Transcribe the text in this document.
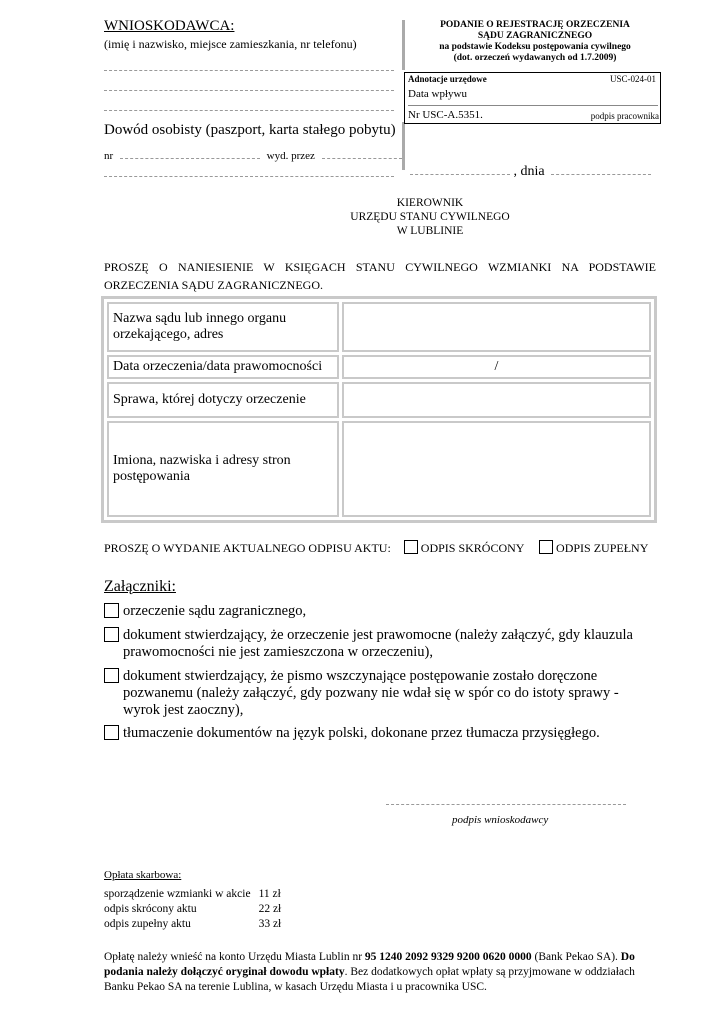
WNIOSKODAWCA:
(imię i nazwisko, miejsce zamieszkania, nr telefonu)
Dowód osobisty (paszport, karta stałego pobytu)
nr	wyd. przez
PODANIE O REJESTRACJĘ ORZECZENIA
SĄDU ZAGRANICZNEGO
na podstawie Kodeksu postępowania cywilnego
(dot. orzeczeń wydawanych od 1.7.2009)
Adnotacje urzędowe	USC-024-01
Data wpływu
Nr USC-A.5351.	podpis pracownika
, dnia
KIEROWNIK
URZĘDU STANU CYWILNEGO
W LUBLINIE
PROSZĘ O NANIESIENIE W KSIĘGACH STANU CYWILNEGO WZMIANKI NA PODSTAWIE ORZECZENIA SĄDU ZAGRANICZNEGO.
Nazwa sądu lub innego organu orzekającego, adres	
Data orzeczenia/data prawomocności	/
Sprawa, której dotyczy orzeczenie	
Imiona, nazwiska i adresy stron postępowania	
PROSZĘ O WYDANIE AKTUALNEGO ODPISU AKTU:	ODPIS SKRÓCONY	ODPIS ZUPEŁNY
Załączniki:
orzeczenie sądu zagranicznego,
dokument stwierdzający, że orzeczenie jest prawomocne (należy załączyć, gdy klauzula prawomocności nie jest zamieszczona w orzeczeniu),
dokument stwierdzający, że pismo wszczynające postępowanie zostało doręczone pozwanemu (należy załączyć, gdy pozwany nie wdał się w spór co do istoty sprawy - wyrok jest zaoczny),
tłumaczenie dokumentów na język polski, dokonane przez tłumacza przysięgłego.
podpis wnioskodawcy
Opłata skarbowa:
sporządzenie wzmianki w akcie	11 zł
odpis skrócony aktu	22 zł
odpis zupełny aktu	33 zł
Opłatę należy wnieść na konto Urzędu Miasta Lublin nr 95 1240 2092 9329 9200 0620 0000 (Bank Pekao SA). Do podania należy dołączyć oryginał dowodu wpłaty. Bez dodatkowych opłat wpłaty są przyjmowane w oddziałach Banku Pekao SA na terenie Lublina, w kasach Urzędu Miasta i u pracownika USC.
